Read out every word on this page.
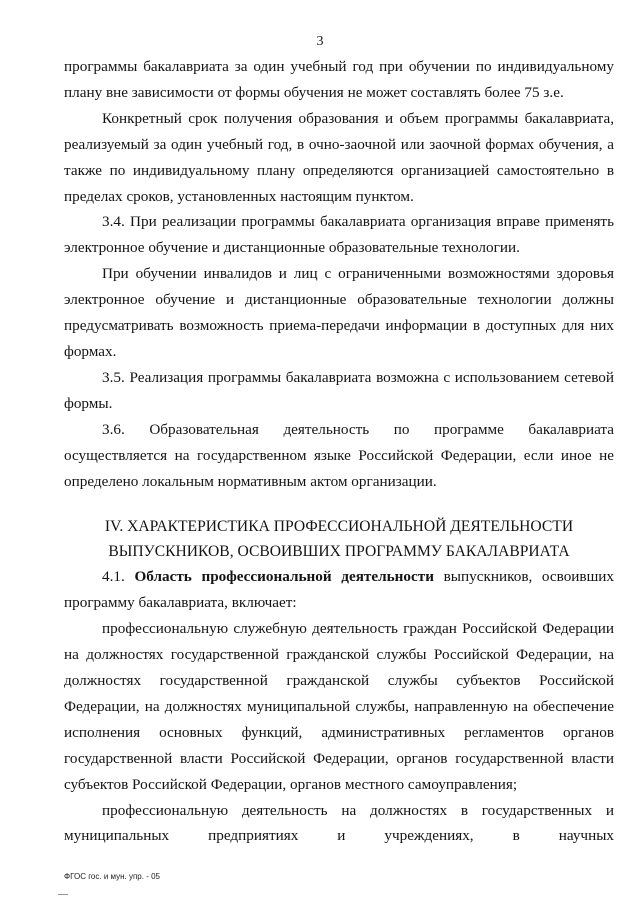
3

программы бакалавриата за один учебный год при обучении по индивидуальному плану вне зависимости от формы обучения не может составлять более 75 з.е.

Конкретный срок получения образования и объем программы бакалавриата, реализуемый за один учебный год, в очно-заочной или заочной формах обучения, а также по индивидуальному плану определяются организацией самостоятельно в пределах сроков, установленных настоящим пунктом.

3.4. При реализации программы бакалавриата организация вправе применять электронное обучение и дистанционные образовательные технологии.

При обучении инвалидов и лиц с ограниченными возможностями здоровья электронное обучение и дистанционные образовательные технологии должны предусматривать возможность приема-передачи информации в доступных для них формах.

3.5. Реализация программы бакалавриата возможна с использованием сетевой формы.

3.6. Образовательная деятельность по программе бакалавриата осуществляется на государственном языке Российской Федерации, если иное не определено локальным нормативным актом организации.

IV. ХАРАКТЕРИСТИКА ПРОФЕССИОНАЛЬНОЙ ДЕЯТЕЛЬНОСТИ ВЫПУСКНИКОВ, ОСВОИВШИХ ПРОГРАММУ БАКАЛАВРИАТА

4.1. Область профессиональной деятельности выпускников, освоивших программу бакалавриата, включает:

профессиональную служебную деятельность граждан Российской Федерации на должностях государственной гражданской службы Российской Федерации, на должностях государственной гражданской службы субъектов Российской Федерации, на должностях муниципальной службы, направленную на обеспечение исполнения основных функций, административных регламентов органов государственной власти Российской Федерации, органов государственной власти субъектов Российской Федерации, органов местного самоуправления;

профессиональную деятельность на должностях в государственных и муниципальных предприятиях и учреждениях, в научных

ФГОС гос. и мун. упр. - 05
